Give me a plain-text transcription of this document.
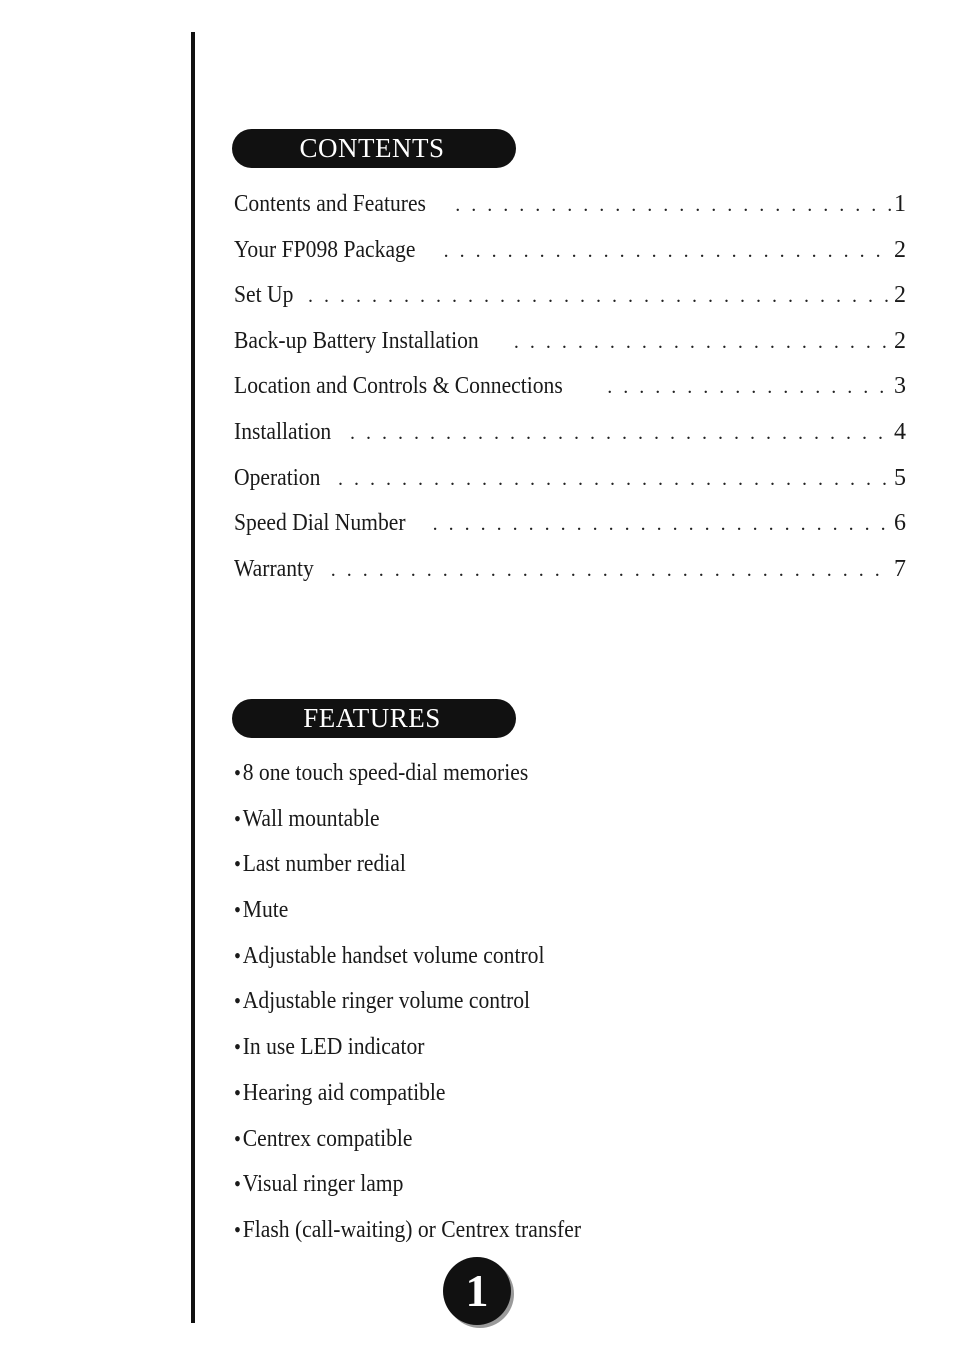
CONTENTS
Contents and Features . . .	1
Your FP098 Package . . .	2
Set Up . . .	2
Back-up Battery Installation . . .	2
Location and Controls & Connections . . .	3
Installation . . .	4
Operation . . .	5
Speed Dial Number . . .	6
Warranty . . .	7
FEATURES
•8 one touch speed-dial memories
•Wall mountable
•Last number redial
•Mute
•Adjustable handset volume control
•Adjustable ringer volume control
•In use LED indicator
•Hearing aid compatible
•Centrex compatible
•Visual ringer lamp
•Flash (call-waiting) or Centrex transfer
1
